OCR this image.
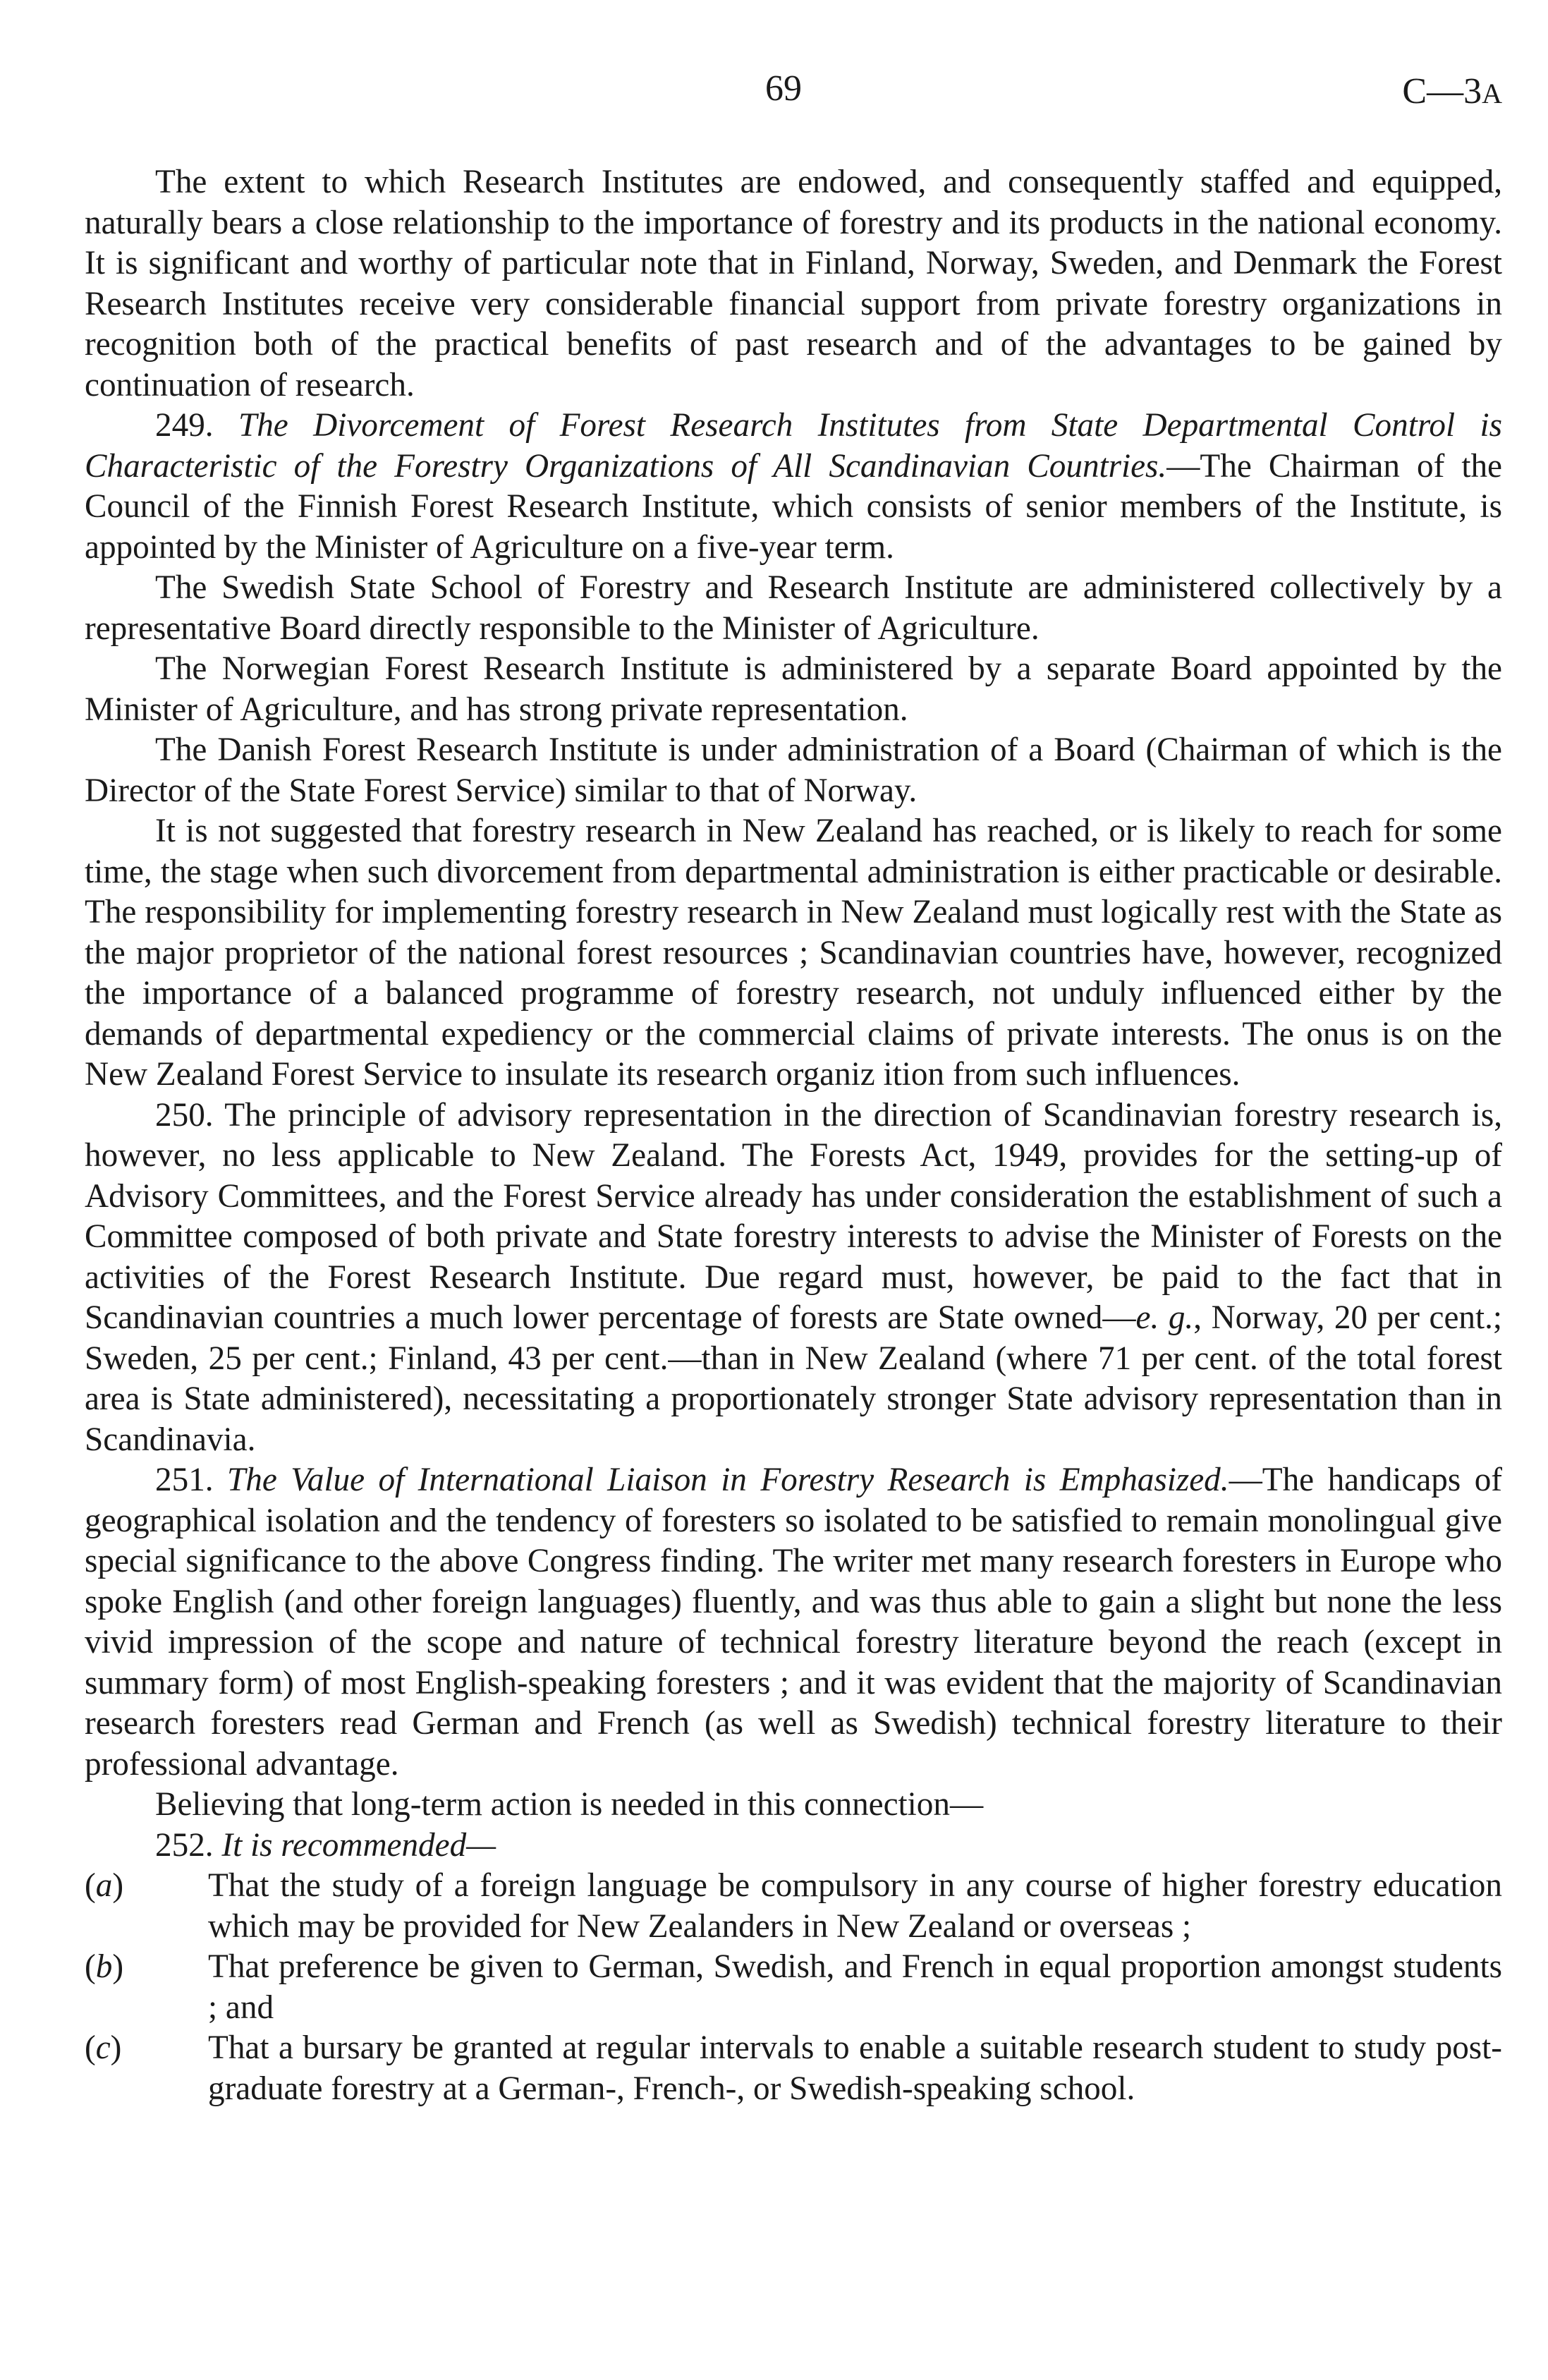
69	C—3A

The extent to which Research Institutes are endowed, and consequently staffed and equipped, naturally bears a close relationship to the importance of forestry and its products in the national economy. It is significant and worthy of particular note that in Finland, Norway, Sweden, and Denmark the Forest Research Institutes receive very considerable financial support from private forestry organizations in recognition both of the practical benefits of past research and of the advantages to be gained by continuation of research.

249. The Divorcement of Forest Research Institutes from State Departmental Control is Characteristic of the Forestry Organizations of All Scandinavian Countries.—The Chairman of the Council of the Finnish Forest Research Institute, which consists of senior members of the Institute, is appointed by the Minister of Agriculture on a five-year term.

The Swedish State School of Forestry and Research Institute are administered collectively by a representative Board directly responsible to the Minister of Agriculture.

The Norwegian Forest Research Institute is administered by a separate Board appointed by the Minister of Agriculture, and has strong private representation.

The Danish Forest Research Institute is under administration of a Board (Chairman of which is the Director of the State Forest Service) similar to that of Norway.

It is not suggested that forestry research in New Zealand has reached, or is likely to reach for some time, the stage when such divorcement from departmental administration is either practicable or desirable. The responsibility for implementing forestry research in New Zealand must logically rest with the State as the major proprietor of the national forest resources ; Scandinavian countries have, however, recognized the importance of a balanced programme of forestry research, not unduly influenced either by the demands of departmental expediency or the commercial claims of private interests. The onus is on the New Zealand Forest Service to insulate its research organiz ition from such influences.

250. The principle of advisory representation in the direction of Scandinavian forestry research is, however, no less applicable to New Zealand. The Forests Act, 1949, provides for the setting-up of Advisory Committees, and the Forest Service already has under consideration the establishment of such a Committee composed of both private and State forestry interests to advise the Minister of Forests on the activities of the Forest Research Institute. Due regard must, however, be paid to the fact that in Scandinavian countries a much lower percentage of forests are State owned—e. g., Norway, 20 per cent.; Sweden, 25 per cent.; Finland, 43 per cent.—than in New Zealand (where 71 per cent. of the total forest area is State administered), necessitating a proportionately stronger State advisory representation than in Scandinavia.

251. The Value of International Liaison in Forestry Research is Emphasized.—The handicaps of geographical isolation and the tendency of foresters so isolated to be satisfied to remain monolingual give special significance to the above Congress finding. The writer met many research foresters in Europe who spoke English (and other foreign languages) fluently, and was thus able to gain a slight but none the less vivid impression of the scope and nature of technical forestry literature beyond the reach (except in summary form) of most English-speaking foresters ; and it was evident that the majority of Scandinavian research foresters read German and French (as well as Swedish) technical forestry literature to their professional advantage.

Believing that long-term action is needed in this connection—

252. It is recommended—

(a)	That the study of a foreign language be compulsory in any course of higher forestry education which may be provided for New Zealanders in New Zealand or overseas ;
(b)	That preference be given to German, Swedish, and French in equal proportion amongst students ; and
(c)	That a bursary be granted at regular intervals to enable a suitable research student to study post-graduate forestry at a German-, French-, or Swedish-speaking school.
